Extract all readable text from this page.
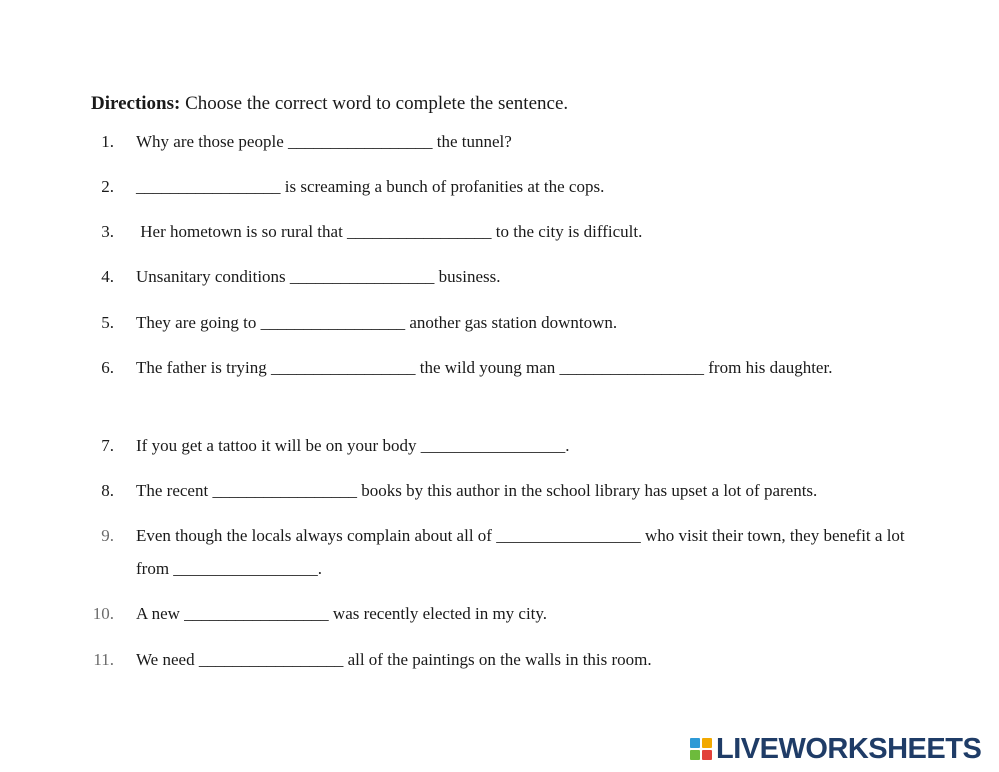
Directions: Choose the correct word to complete the sentence.
1. Why are those people _________________ the tunnel?
2. _________________ is screaming a bunch of profanities at the cops.
3. Her hometown is so rural that _________________ to the city is difficult.
4. Unsanitary conditions _________________ business.
5. They are going to _________________ another gas station downtown.
6. The father is trying _________________ the wild young man _________________ from his daughter.
7. If you get a tattoo it will be on your body _________________.
8. The recent _________________ books by this author in the school library has upset a lot of parents.
9. Even though the locals always complain about all of _________________ who visit their town, they benefit a lot from _________________.
10. A new _________________ was recently elected in my city.
11. We need _________________ all of the paintings on the walls in this room.
LIVEWORKSHEETS
